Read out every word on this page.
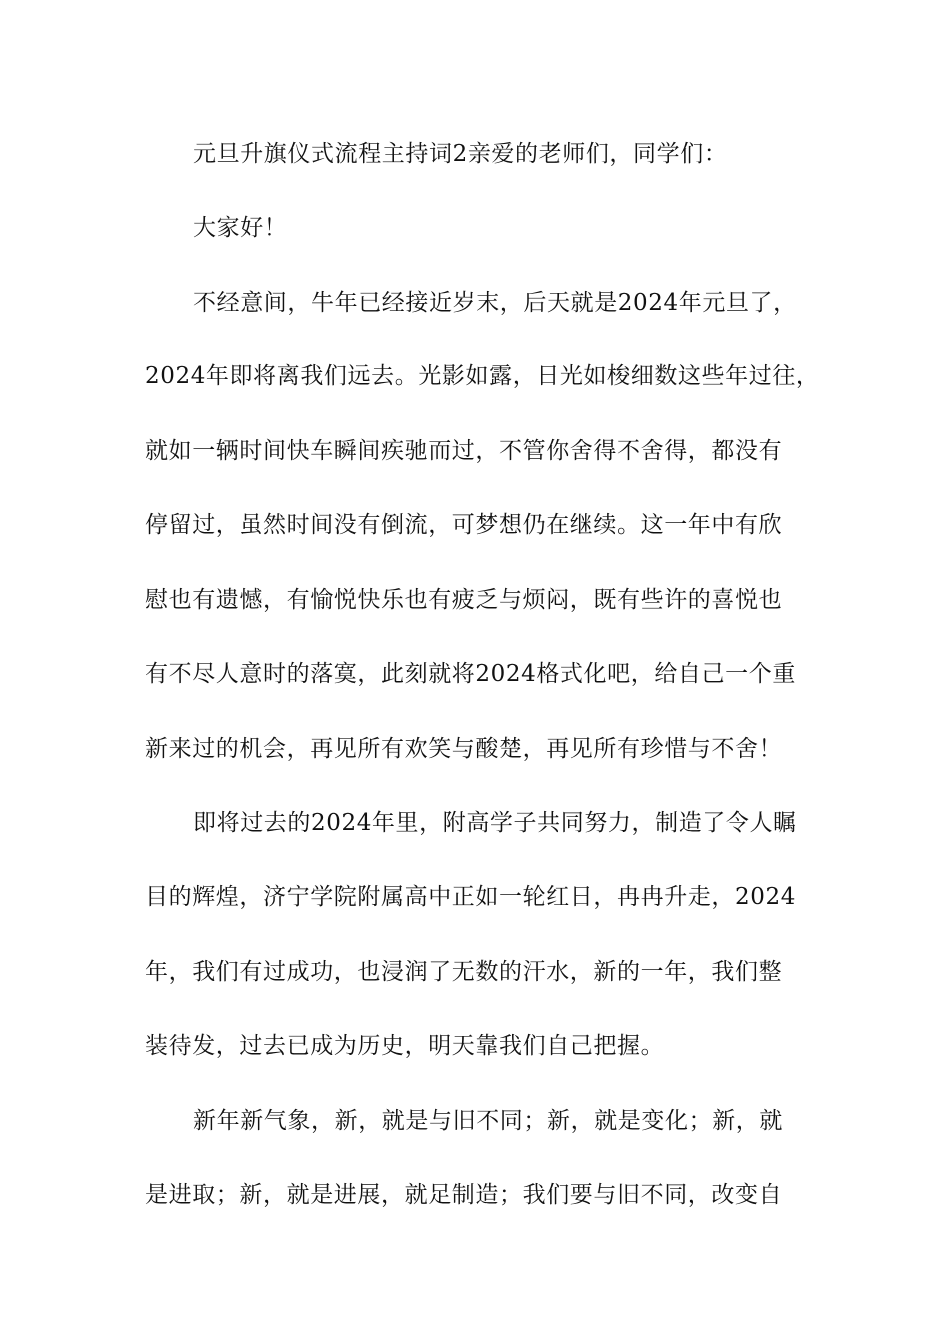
元旦升旗仪式流程主持词2亲爱的老师们，同学们：
大家好！
不经意间，牛年已经接近岁末，后天就是2024年元旦了，
2024年即将离我们远去。光影如露，日光如梭细数这些年过往，
就如一辆时间快车瞬间疾驰而过，不管你舍得不舍得，都没有
停留过，虽然时间没有倒流，可梦想仍在继续。这一年中有欣
慰也有遗憾，有愉悦快乐也有疲乏与烦闷，既有些许的喜悦也
有不尽人意时的落寞，此刻就将2024格式化吧，给自己一个重
新来过的机会，再见所有欢笑与酸楚，再见所有珍惜与不舍！
即将过去的2024年里，附高学子共同努力，制造了令人瞩
目的辉煌，济宁学院附属高中正如一轮红日，冉冉升走，2024
年，我们有过成功，也浸润了无数的汗水，新的一年，我们整
装待发，过去已成为历史，明天靠我们自己把握。
新年新气象，新，就是与旧不同；新，就是变化；新，就
是进取；新，就是进展，就足制造；我们要与旧不同，改变自
